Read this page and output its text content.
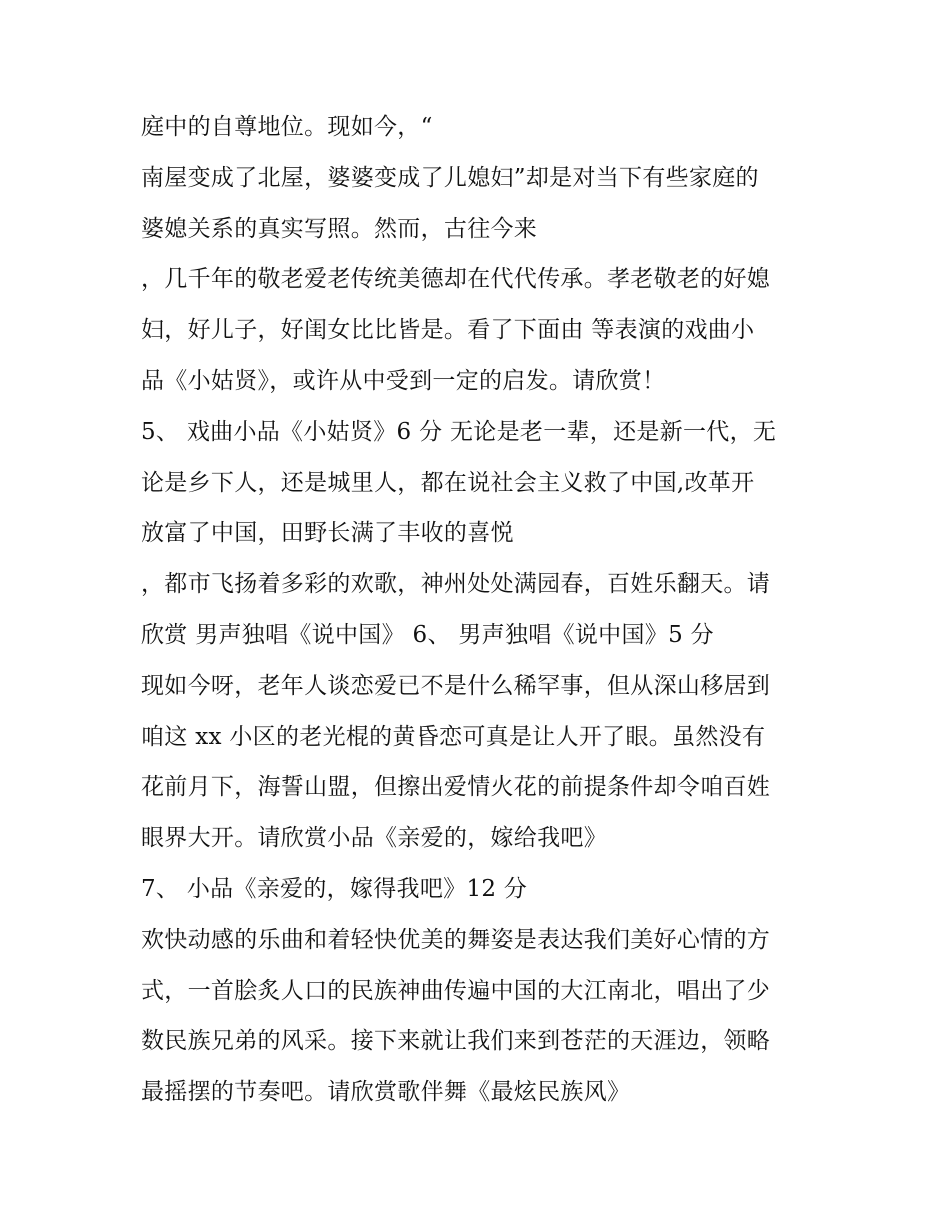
庭中的自尊地位。现如今，“
南屋变成了北屋，婆婆变成了儿媳妇”却是对当下有些家庭的
婆媳关系的真实写照。然而，古往今来
，几千年的敬老爱老传统美德却在代代传承。孝老敬老的好媳
妇，好儿子，好闺女比比皆是。看了下面由 等表演的戏曲小
品《小姑贤》，或许从中受到一定的启发。请欣赏！
5、 戏曲小品《小姑贤》6 分 无论是老一辈，还是新一代，无
论是乡下人，还是城里人，都在说社会主义救了中国,改革开
放富了中国，田野长满了丰收的喜悦
，都市飞扬着多彩的欢歌，神州处处满园春，百姓乐翻天。请
欣赏 男声独唱《说中国》 6、 男声独唱《说中国》5 分
现如今呀，老年人谈恋爱已不是什么稀罕事，但从深山移居到
咱这 xx 小区的老光棍的黄昏恋可真是让人开了眼。虽然没有
花前月下，海誓山盟，但擦出爱情火花的前提条件却令咱百姓
眼界大开。请欣赏小品《亲爱的，嫁给我吧》
7、 小品《亲爱的，嫁得我吧》12 分
欢快动感的乐曲和着轻快优美的舞姿是表达我们美好心情的方
式，一首脍炙人口的民族神曲传遍中国的大江南北，唱出了少
数民族兄弟的风采。接下来就让我们来到苍茫的天涯边，领略
最摇摆的节奏吧。请欣赏歌伴舞《最炫民族风》
